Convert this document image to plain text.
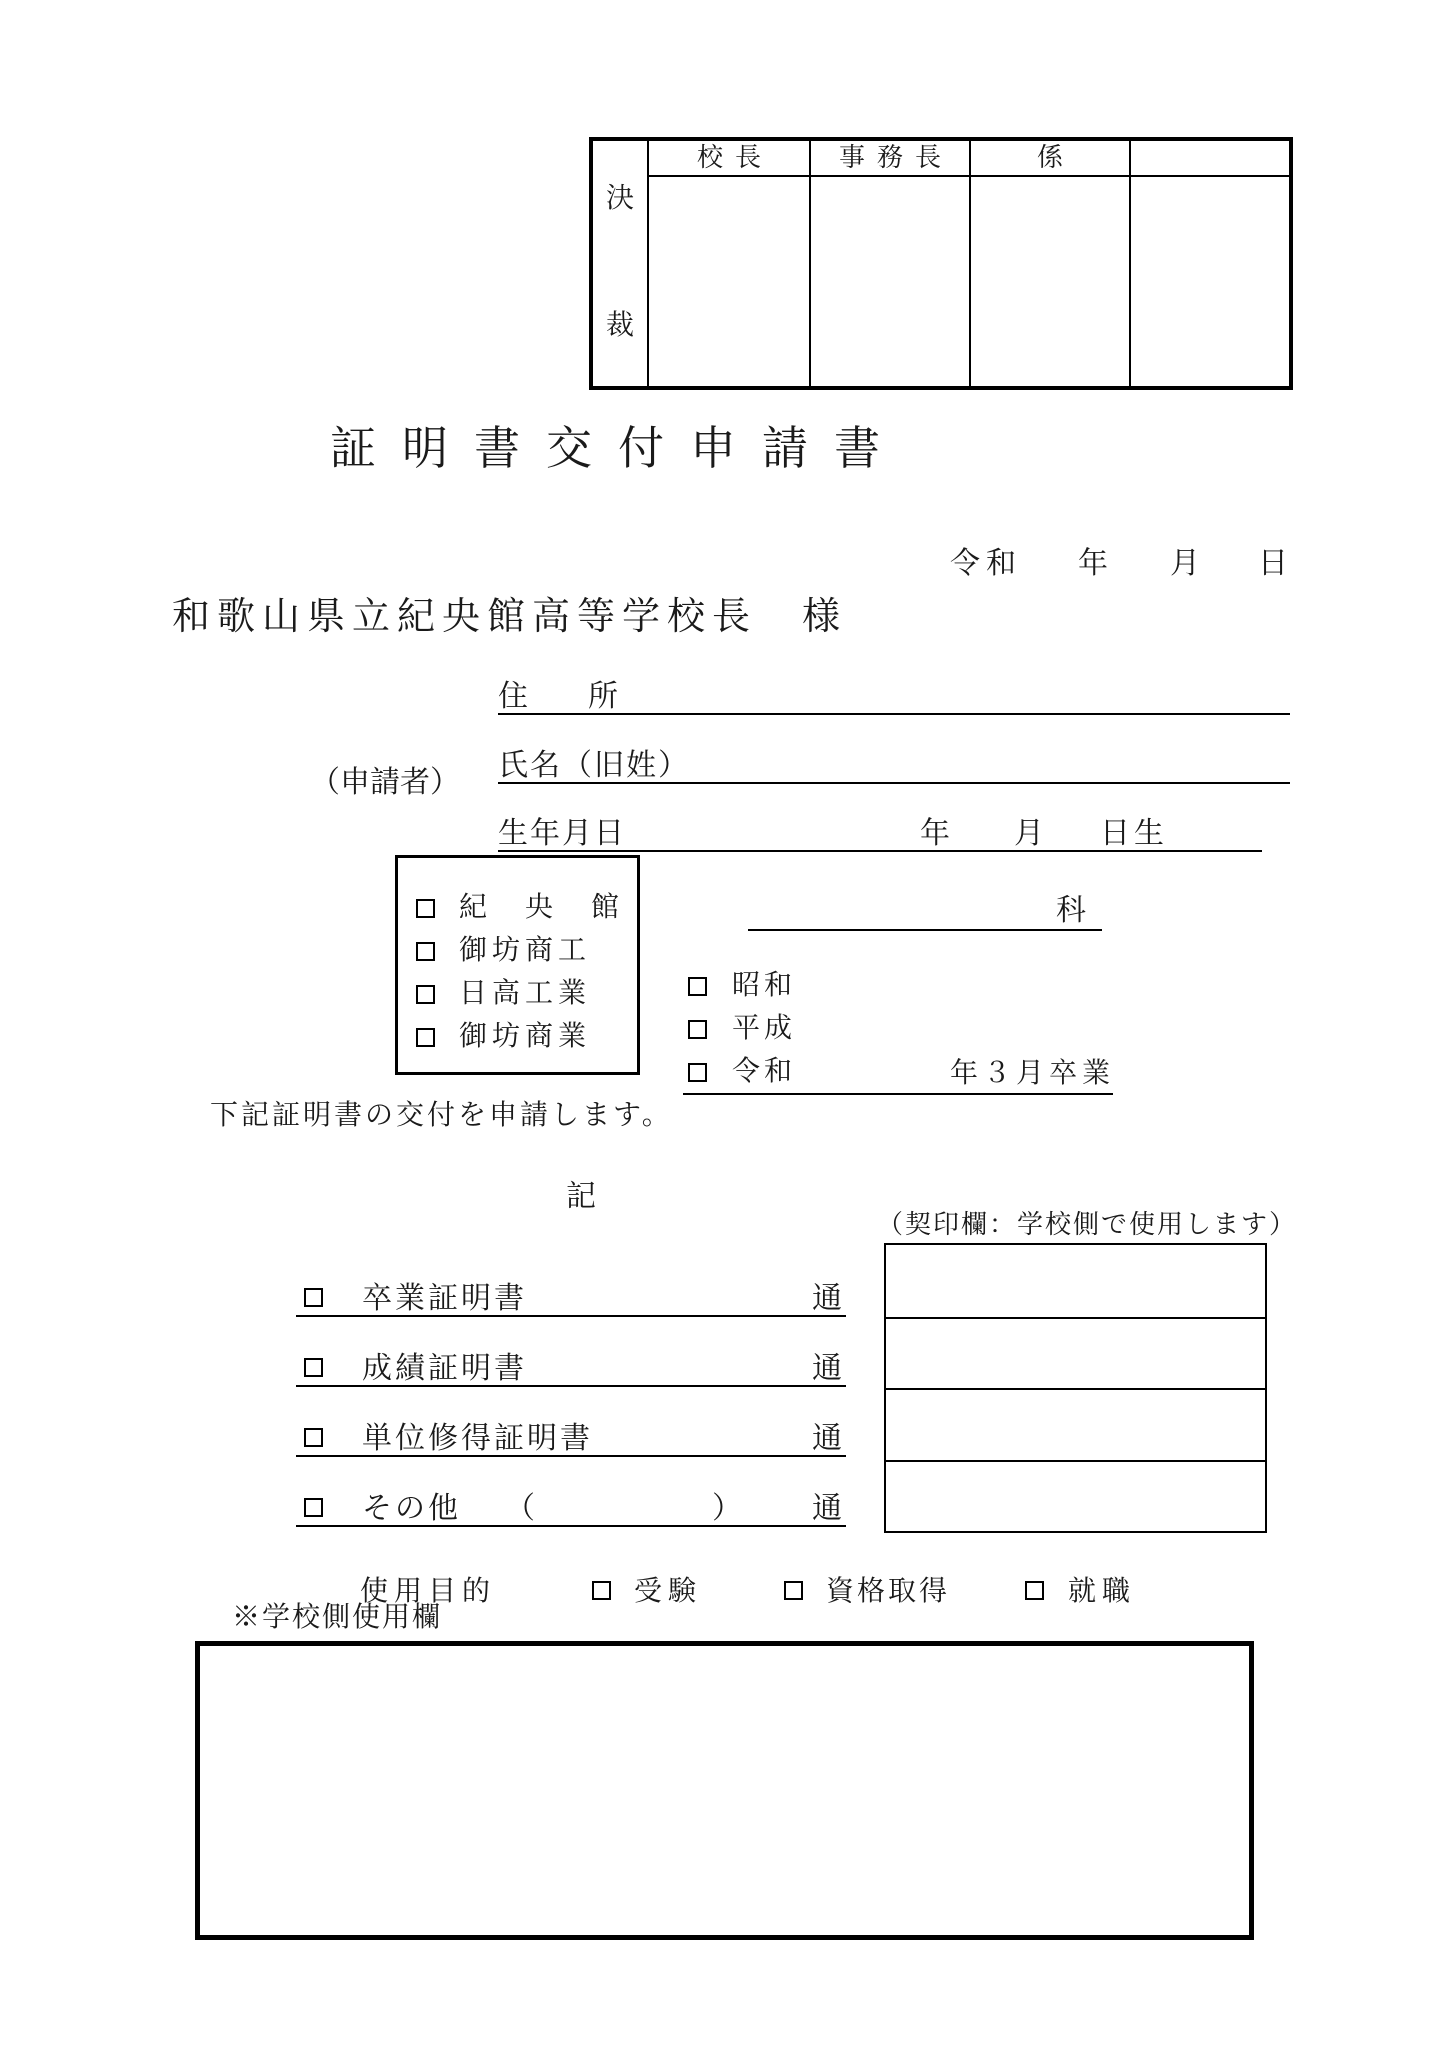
決
裁
校長	事務長	係
証明書交付申請書
令和 年 月 日
和歌山県立紀央館高等学校長　様
住　　所
（申請者）
氏名（旧姓）
生年月日	年 月 日生
紀　央　館
御坊商工
日高工業
御坊商業
科
昭和
平成
令和	年３月卒業
下記証明書の交付を申請します。
記
（契印欄：学校側で使用します）
卒業証明書	通
成績証明書	通
単位修得証明書	通
その他 （	） 通
使用目的	受験	資格取得	就職
※学校側使用欄
